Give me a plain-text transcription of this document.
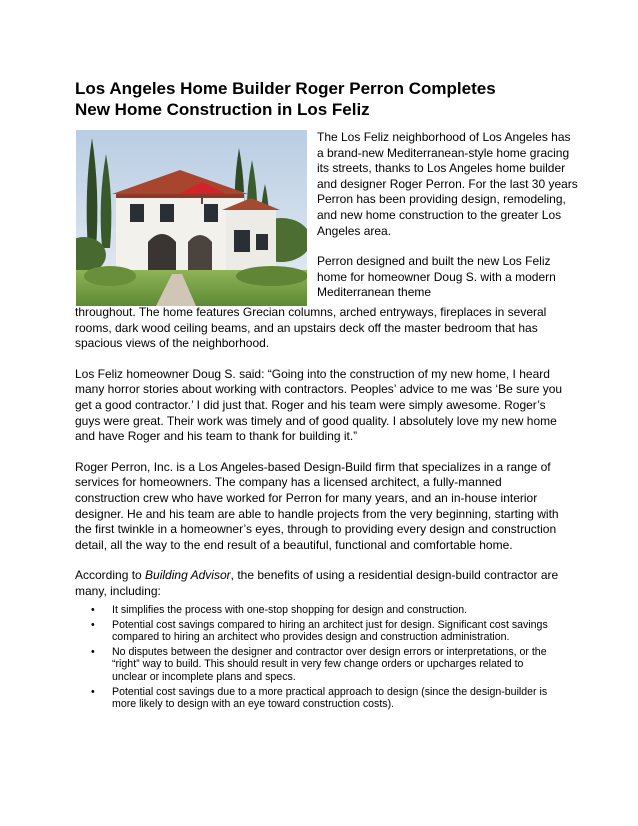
Los Angeles Home Builder Roger Perron Completes
New Home Construction in Los Feliz

The Los Feliz neighborhood of Los Angeles has a brand-new Mediterranean-style home gracing its streets, thanks to Los Angeles home builder and designer Roger Perron. For the last 30 years Perron has been providing design, remodeling, and new home construction to the greater Los Angeles area.

Perron designed and built the new Los Feliz home for homeowner Doug S. with a modern Mediterranean theme

throughout. The home features Grecian columns, arched entryways, fireplaces in several rooms, dark wood ceiling beams, and an upstairs deck off the master bedroom that has spacious views of the neighborhood.

Los Feliz homeowner Doug S. said: “Going into the construction of my new home, I heard many horror stories about working with contractors. Peoples’ advice to me was ‘Be sure you get a good contractor.’ I did just that. Roger and his team were simply awesome. Roger’s guys were great. Their work was timely and of good quality. I absolutely love my new home and have Roger and his team to thank for building it.”

Roger Perron, Inc. is a Los Angeles-based Design-Build firm that specializes in a range of services for homeowners. The company has a licensed architect, a fully-manned construction crew who have worked for Perron for many years, and an in-house interior designer. He and his team are able to handle projects from the very beginning, starting with the first twinkle in a homeowner’s eyes, through to providing every design and construction detail, all the way to the end result of a beautiful, functional and comfortable home.

According to Building Advisor, the benefits of using a residential design-build contractor are many, including:

• It simplifies the process with one-stop shopping for design and construction.
• Potential cost savings compared to hiring an architect just for design. Significant cost savings compared to hiring an architect who provides design and construction administration.
• No disputes between the designer and contractor over design errors or interpretations, or the “right” way to build. This should result in very few change orders or upcharges related to unclear or incomplete plans and specs.
• Potential cost savings due to a more practical approach to design (since the design-builder is more likely to design with an eye toward construction costs).
